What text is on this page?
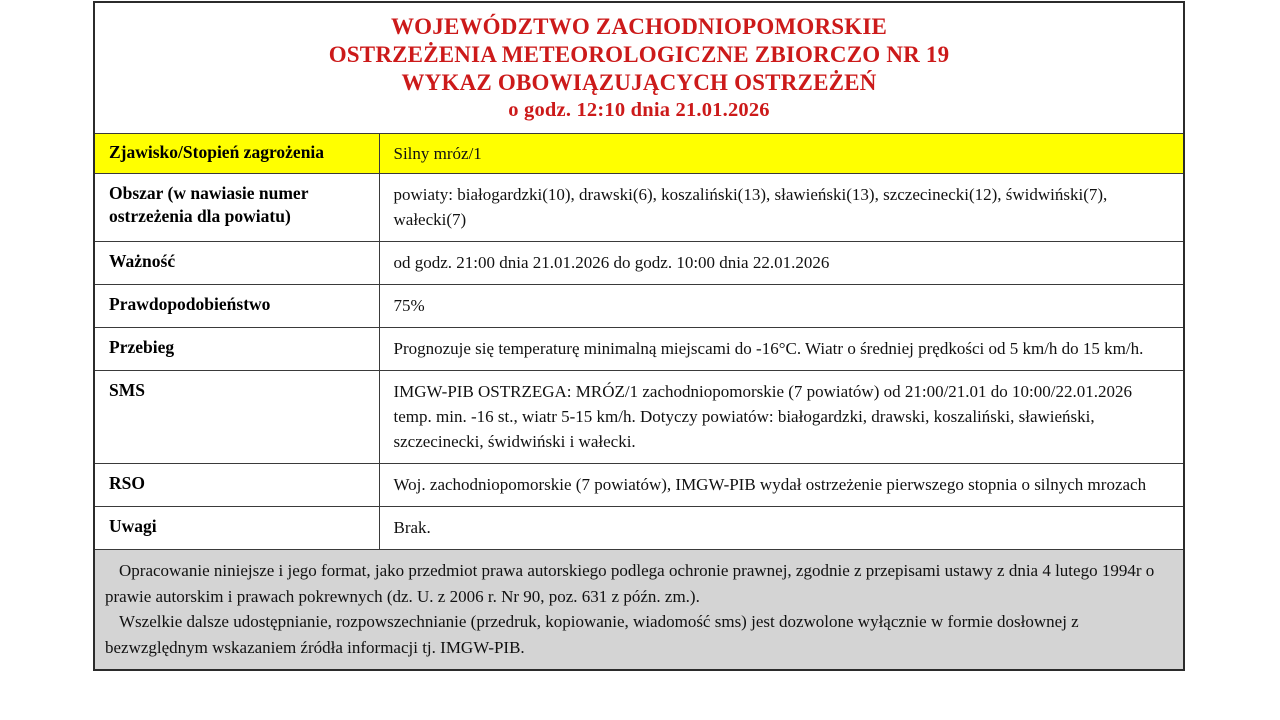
WOJEWÓDZTWO ZACHODNIOPOMORSKIE
OSTRZEŻENIA METEOROLOGICZNE ZBIORCZO NR 19
WYKAZ OBOWIĄZUJĄCYCH OSTRZEŻEŃ
o godz. 12:10 dnia 21.01.2026	

Zjawisko/Stopień zagrożenia	Silny mróz/1
Obszar (w nawiasie numer
ostrzeżenia dla powiatu)	powiaty: białogardzki(10), drawski(6), koszaliński(13), sławieński(13), szczecinecki(12), świdwiński(7), wałecki(7)
Ważność	od godz. 21:00 dnia 21.01.2026 do godz. 10:00 dnia 22.01.2026
Prawdopodobieństwo	75%
Przebieg	Prognozuje się temperaturę minimalną miejscami do -16°C. Wiatr o średniej prędkości od 5 km/h do 15 km/h.
SMS	IMGW-PIB OSTRZEGA: MRÓZ/1 zachodniopomorskie (7 powiatów) od 21:00/21.01 do 10:00/22.01.2026 temp. min. -16 st., wiatr 5-15 km/h. Dotyczy powiatów: białogardzki, drawski, koszaliński, sławieński, szczecinecki, świdwiński i wałecki.
RSO	Woj. zachodniopomorskie (7 powiatów), IMGW-PIB wydał ostrzeżenie pierwszego stopnia o silnych mrozach
Uwagi	Brak.

Opracowanie niniejsze i jego format, jako przedmiot prawa autorskiego podlega ochronie prawnej, zgodnie z przepisami ustawy z dnia 4 lutego 1994r o prawie autorskim i prawach pokrewnych (dz. U. z 2006 r. Nr 90, poz. 631 z późn. zm.).

Wszelkie dalsze udostępnianie, rozpowszechnianie (przedruk, kopiowanie, wiadomość sms) jest dozwolone wyłącznie w formie dosłownej z bezwzględnym wskazaniem źródła informacji tj. IMGW-PIB.	
